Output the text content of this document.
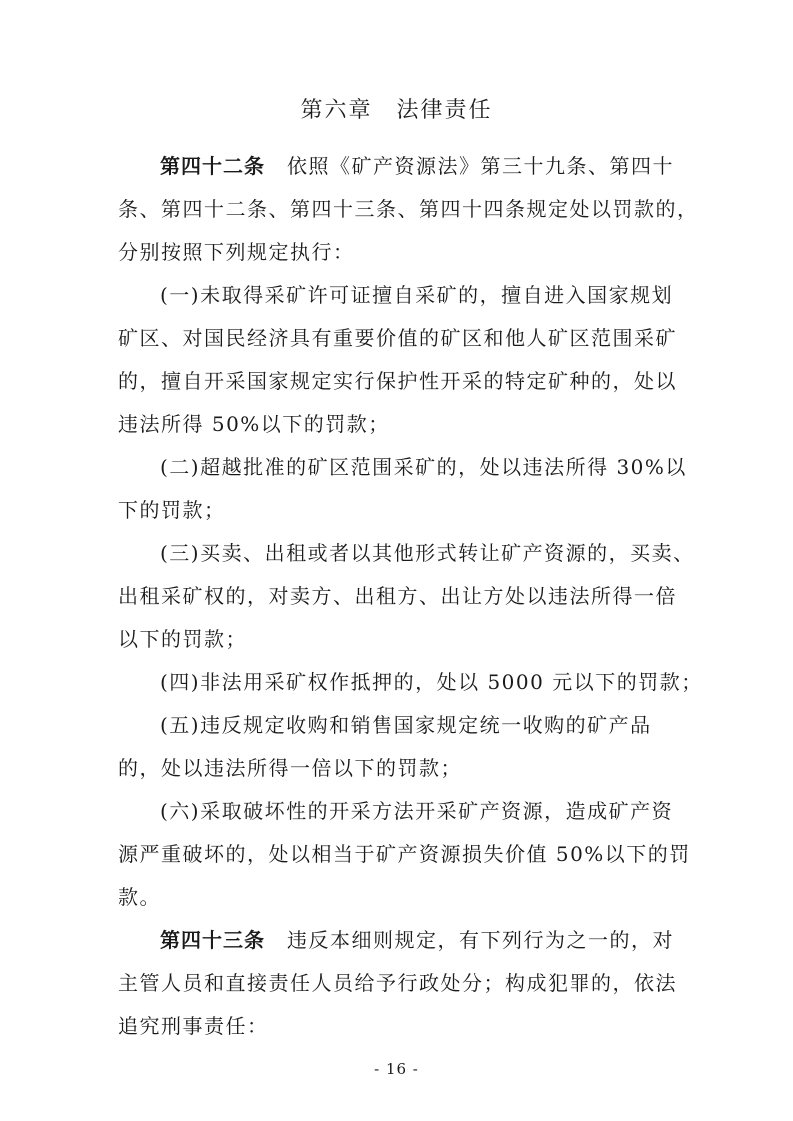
第六章　法律责任
第四十二条 依照《矿产资源法》第三十九条、第四十
条、第四十二条、第四十三条、第四十四条规定处以罚款的，
分别按照下列规定执行：
(一)未取得采矿许可证擅自采矿的，擅自进入国家规划
矿区、对国民经济具有重要价值的矿区和他人矿区范围采矿
的，擅自开采国家规定实行保护性开采的特定矿种的，处以
违法所得 50%以下的罚款；
(二)超越批准的矿区范围采矿的，处以违法所得 30%以
下的罚款；
(三)买卖、出租或者以其他形式转让矿产资源的，买卖、
出租采矿权的，对卖方、出租方、出让方处以违法所得一倍
以下的罚款；
(四)非法用采矿权作抵押的，处以 5000 元以下的罚款；
(五)违反规定收购和销售国家规定统一收购的矿产品
的，处以违法所得一倍以下的罚款；
(六)采取破坏性的开采方法开采矿产资源，造成矿产资
源严重破坏的，处以相当于矿产资源损失价值 50%以下的罚
款。
第四十三条 违反本细则规定，有下列行为之一的，对
主管人员和直接责任人员给予行政处分；构成犯罪的，依法
追究刑事责任：
- 16 -
